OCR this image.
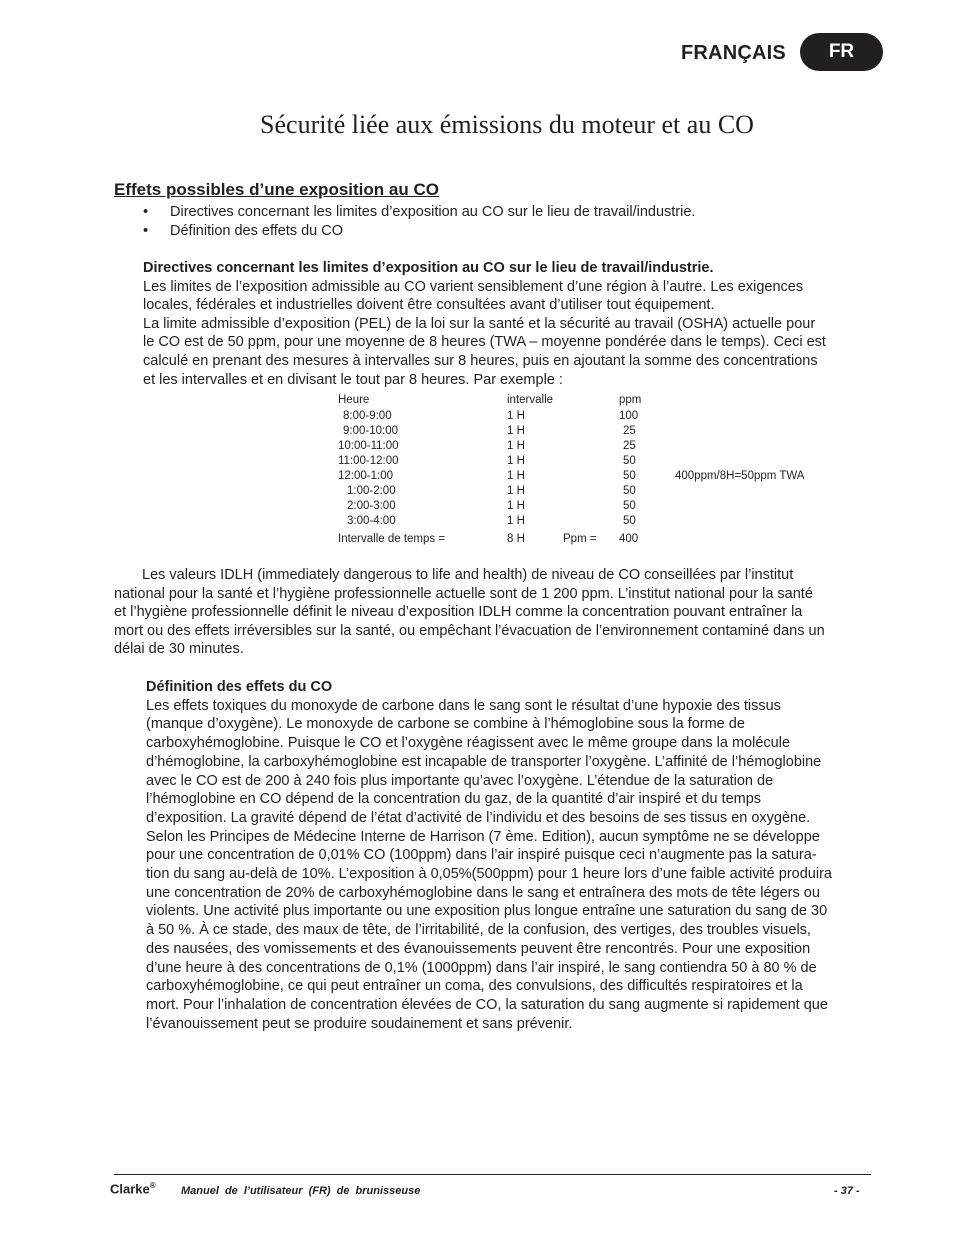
FRANÇAIS	FR
Sécurité liée aux émissions du moteur et au CO
Effets possibles d’une exposition au CO
• Directives concernant les limites d’exposition au CO sur le lieu de travail/industrie.
• Définition des effets du CO
Directives concernant les limites d’exposition au CO sur le lieu de travail/industrie.
Les limites de l’exposition admissible au CO varient sensiblement d’une région à l’autre. Les exigences
locales, fédérales et industrielles doivent être consultées avant d’utiliser tout équipement.
La limite admissible d’exposition (PEL) de la loi sur la santé et la sécurité au travail (OSHA) actuelle pour
le CO est de 50 ppm, pour une moyenne de 8 heures (TWA – moyenne pondérée dans le temps). Ceci est
calculé en prenant des mesures à intervalles sur 8 heures, puis en ajoutant la somme des concentrations
et les intervalles et en divisant le tout par 8 heures. Par exemple :
Heure	intervalle	ppm
8:00-9:00	1 H	100
9:00-10:00	1 H	25
10:00-11:00	1 H	25
11:00-12:00	1 H	50
12:00-1:00	1 H	50	400ppm/8H=50ppm TWA
1:00-2:00	1 H	50
2:00-3:00	1 H	50
3:00-4:00	1 H	50
Intervalle de temps =	8 H	Ppm = 400
Les valeurs IDLH (immediately dangerous to life and health) de niveau de CO conseillées par l’institut
national pour la santé et l’hygiène professionnelle actuelle sont de 1 200 ppm. L’institut national pour la santé
et l’hygiène professionnelle définit le niveau d’exposition IDLH comme la concentration pouvant entraîner la
mort ou des effets irréversibles sur la santé, ou empêchant l’évacuation de l’environnement contaminé dans un
délai de 30 minutes.
Définition des effets du CO
Les effets toxiques du monoxyde de carbone dans le sang sont le résultat d’une hypoxie des tissus
(manque d’oxygène). Le monoxyde de carbone se combine à l’hémoglobine sous la forme de
carboxyhémoglobine. Puisque le CO et l’oxygène réagissent avec le même groupe dans la molécule
d’hémoglobine, la carboxyhémoglobine est incapable de transporter l’oxygène. L’affinité de l’hémoglobine
avec le CO est de 200 à 240 fois plus importante qu’avec l’oxygène. L’étendue de la saturation de
l’hémoglobine en CO dépend de la concentration du gaz, de la quantité d’air inspiré et du temps
d’exposition. La gravité dépend de l’état d’activité de l’individu et des besoins de ses tissus en oxygène.
Selon les Principes de Médecine Interne de Harrison (7 ème. Edition), aucun symptôme ne se développe
pour une concentration de 0,01% CO (100ppm) dans l’air inspiré puisque ceci n’augmente pas la satura-
tion du sang au-delà de 10%. L’exposition à 0,05%(500ppm) pour 1 heure lors d’une faible activité produira
une concentration de 20% de carboxyhémoglobine dans le sang et entraînera des mots de tête légers ou
violents. Une activité plus importante ou une exposition plus longue entraîne une saturation du sang de 30
à 50 %. À ce stade, des maux de tête, de l’irritabilité, de la confusion, des vertiges, des troubles visuels,
des nausées, des vomissements et des évanouissements peuvent être rencontrés. Pour une exposition
d’une heure à des concentrations de 0,1% (1000ppm) dans l’air inspiré, le sang contiendra 50 à 80 % de
carboxyhémoglobine, ce qui peut entraîner un coma, des convulsions, des difficultés respiratoires et la
mort. Pour l’inhalation de concentration élevées de CO, la saturation du sang augmente si rapidement que
l’évanouissement peut se produire soudainement et sans prévenir.
Clarke® Manuel de l’utilisateur (FR) de brunisseuse	- 37 -
